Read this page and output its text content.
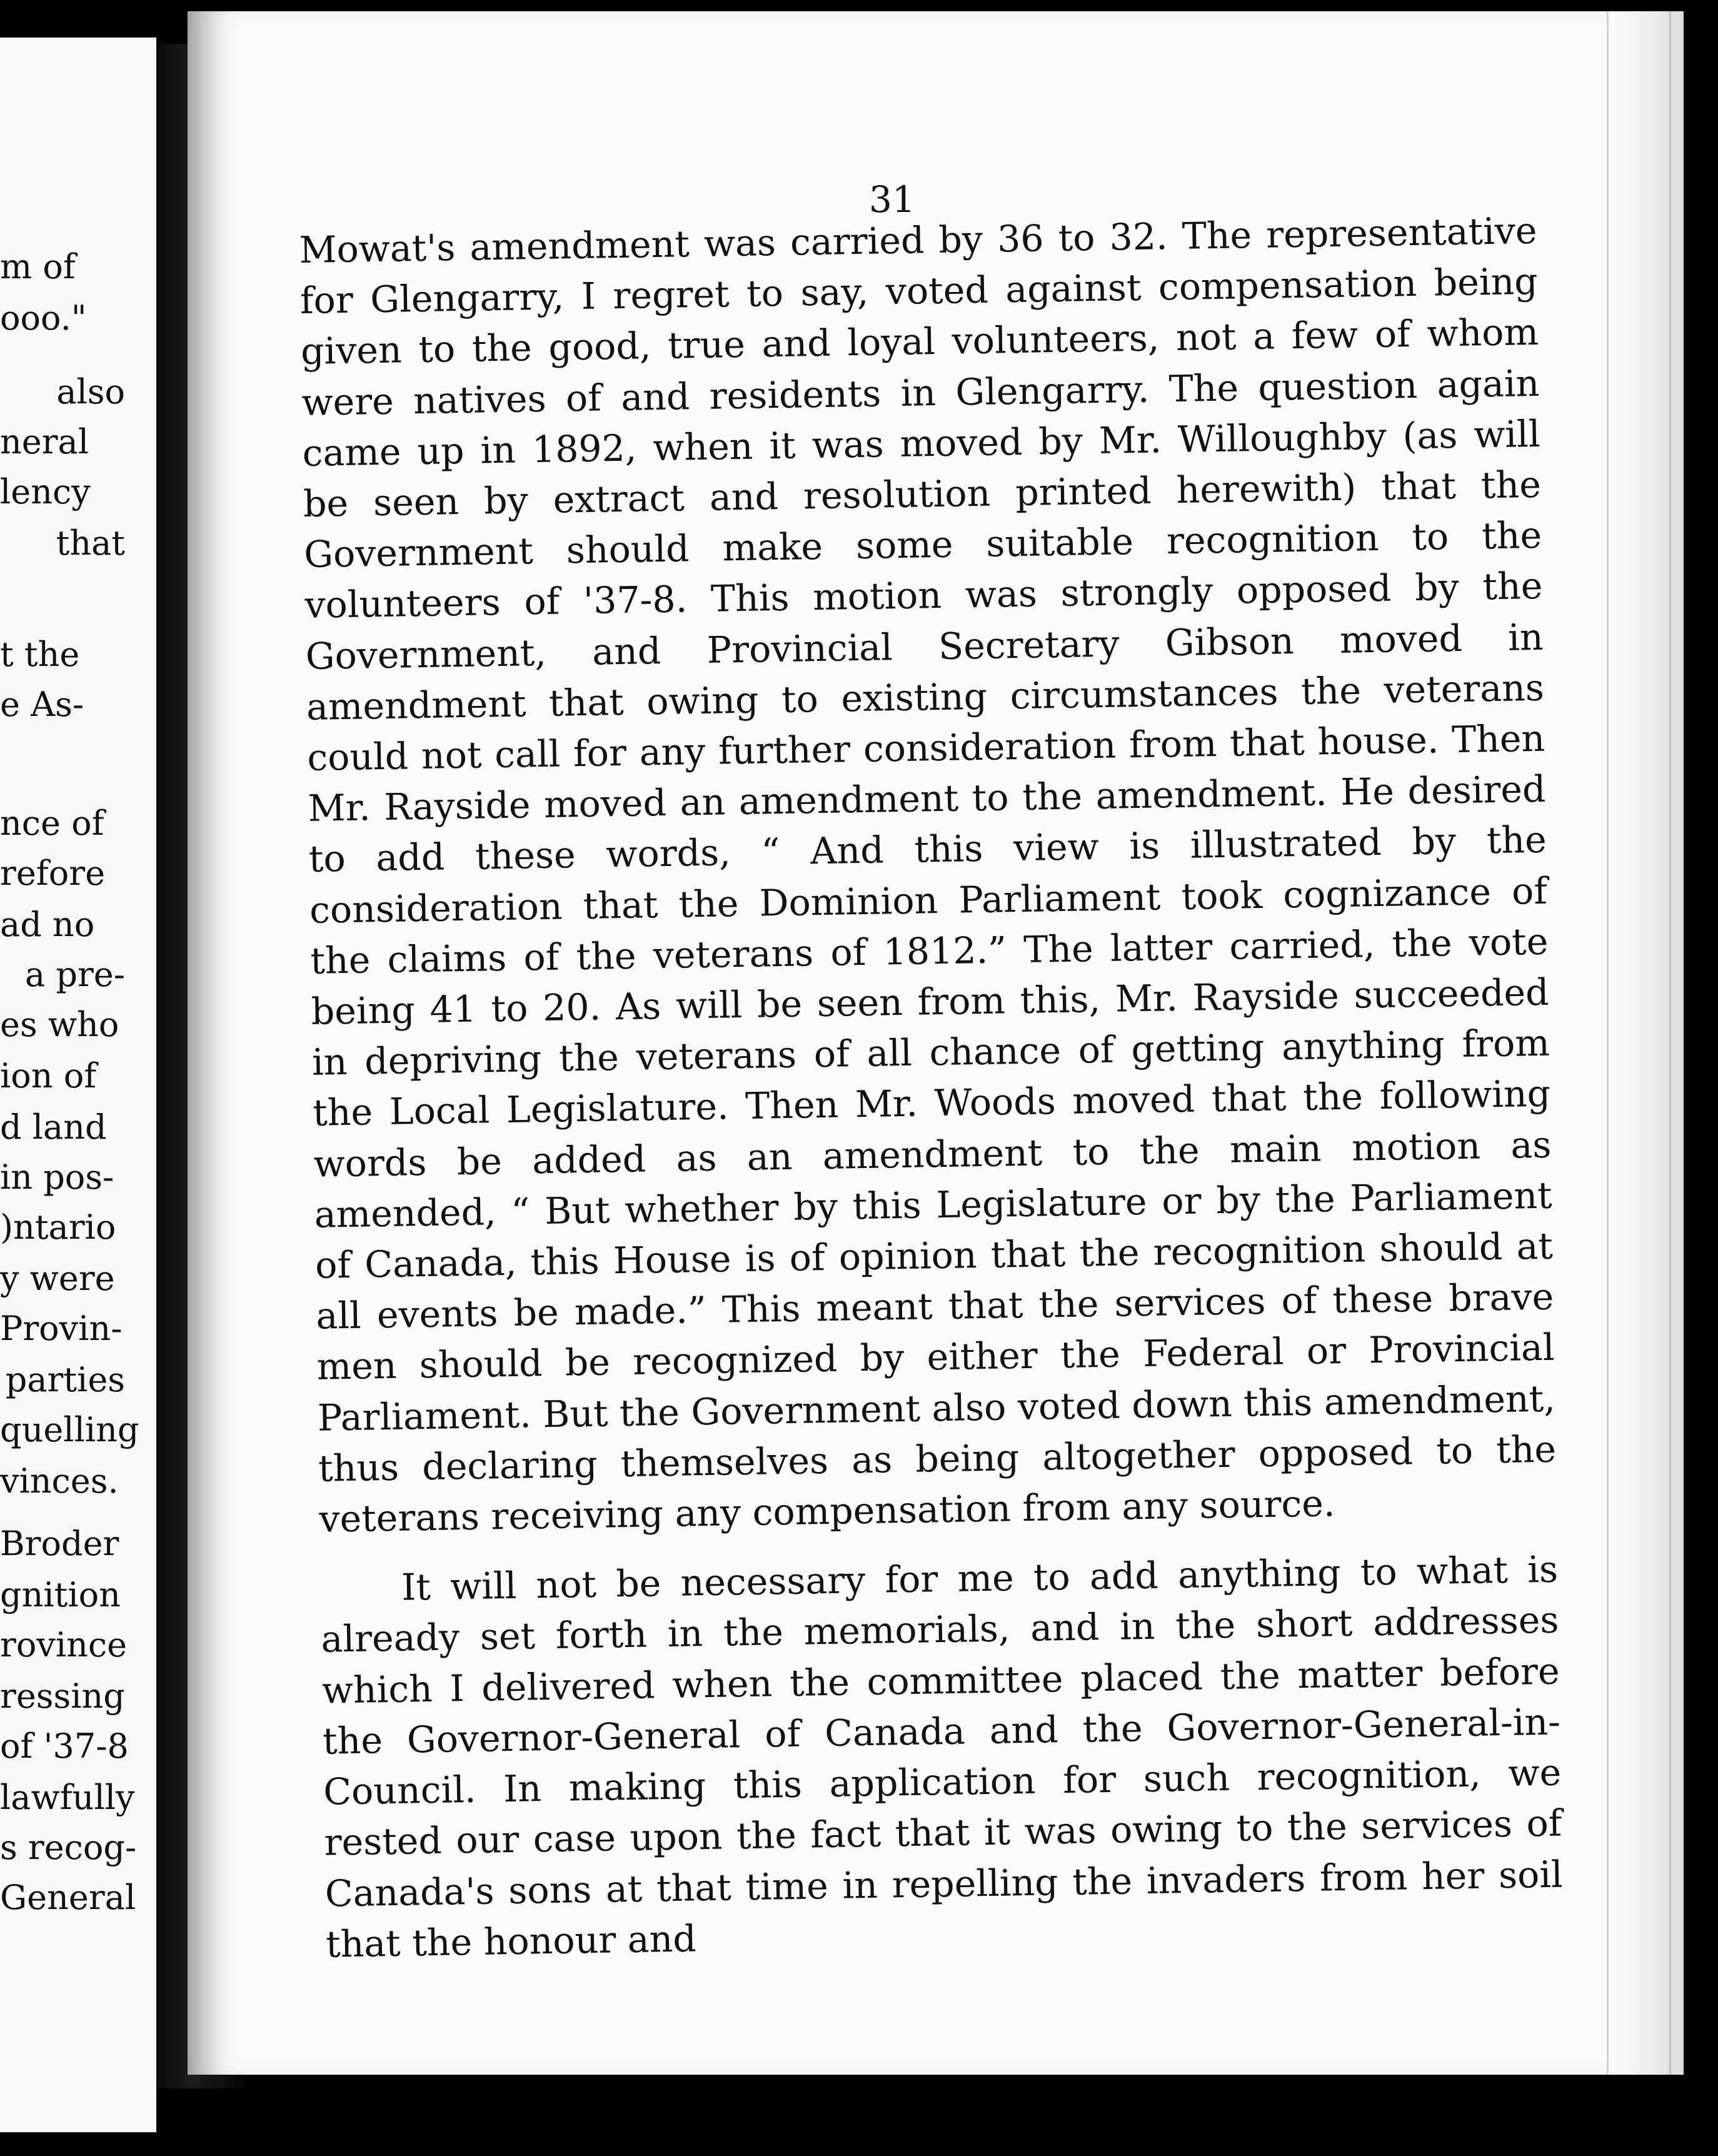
m of
ooo."
also
neral
lency
that
t the
e As-
nce of
refore
ad no
a pre-
es who
ion of
d land
in pos-
)ntario
y were
Provin-
parties
quelling
vinces.
Broder
gnition
rovince
ressing
of '37-8
lawfully
s recog-
General
31

Mowat's amendment was carried by 36 to 32. The representative for Glengarry, I regret to say, voted against compensation being given to the good, true and loyal volunteers, not a few of whom were natives of and residents in Glengarry. The question again came up in 1892, when it was moved by Mr. Willoughby (as will be seen by extract and resolution printed herewith) that the Government should make some suitable recognition to the volunteers of '37-8. This motion was strongly opposed by the Government, and Provincial Secretary Gibson moved in amendment that owing to existing circumstances the veterans could not call for any further consideration from that house. Then Mr. Rayside moved an amendment to the amendment. He desired to add these words, “ And this view is illustrated by the consideration that the Dominion Parliament took cognizance of the claims of the veterans of 1812.” The latter carried, the vote being 41 to 20. As will be seen from this, Mr. Rayside succeeded in depriving the veterans of all chance of getting anything from the Local Legislature. Then Mr. Woods moved that the following words be added as an amendment to the main motion as amended, “ But whether by this Legislature or by the Parliament of Canada, this House is of opinion that the recognition should at all events be made.” This meant that the services of these brave men should be recognized by either the Federal or Provincial Parliament. But the Government also voted down this amendment, thus declaring themselves as being altogether opposed to the veterans receiving any compensation from any source.

It will not be necessary for me to add anything to what is already set forth in the memorials, and in the short addresses which I delivered when the committee placed the matter before the Governor-General of Canada and the Governor-General-in-Council. In making this application for such recognition, we rested our case upon the fact that it was owing to the services of Canada's sons at that time in repelling the invaders from her soil that the honour and
